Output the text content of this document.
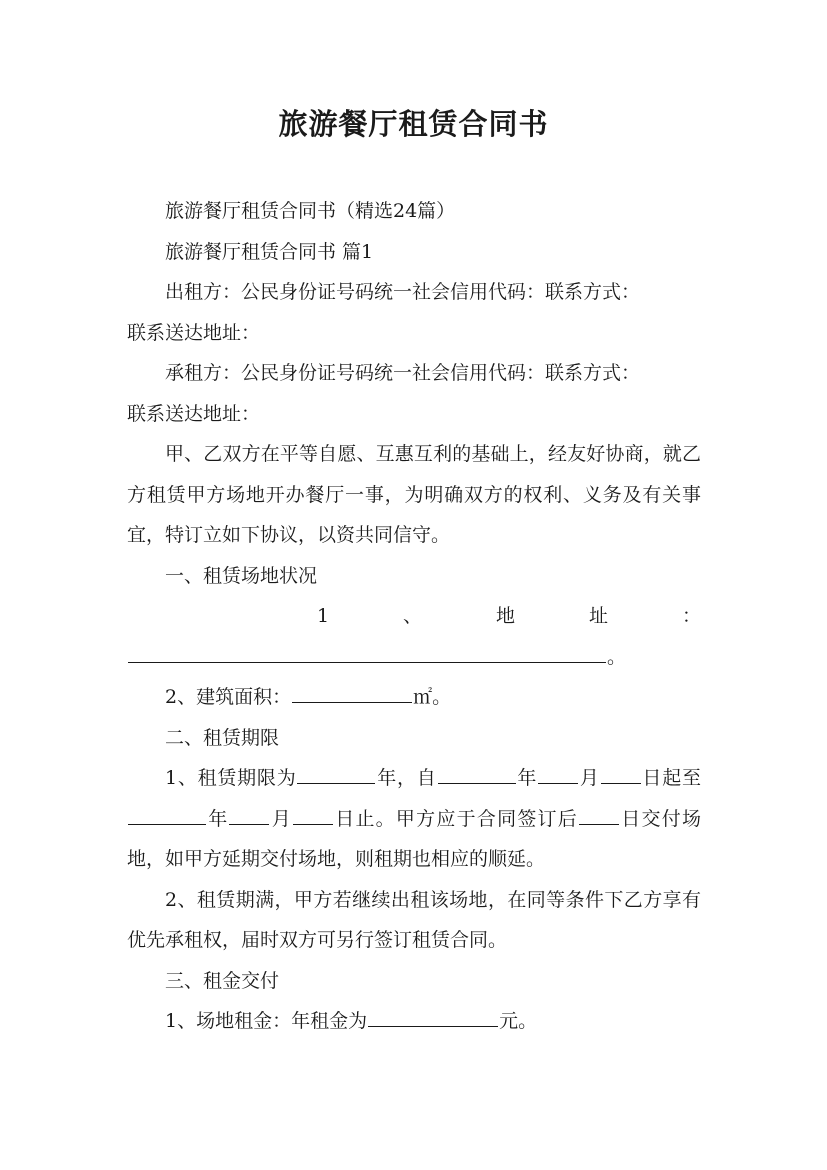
旅游餐厅租赁合同书

旅游餐厅租赁合同书（精选24篇）

旅游餐厅租赁合同书 篇1

出租方：公民身份证号码统一社会信用代码：联系方式：

联系送达地址：

承租方：公民身份证号码统一社会信用代码：联系方式：

联系送达地址：

甲、乙双方在平等自愿、互惠互利的基础上，经友好协商，就乙方租赁甲方场地开办餐厅一事，为明确双方的权利、义务及有关事宜，特订立如下协议，以资共同信守。

一、租赁场地状况

1	、	地	址	：

。

2、建筑面积：	㎡。

二、租赁期限

1、租赁期限为	年，自	年 月 日起至年 月 日止。甲方应于合同签订后 日交付场地，如甲方延期交付场地，则租期也相应的顺延。

2、租赁期满，甲方若继续出租该场地，在同等条件下乙方享有优先承租权，届时双方可另行签订租赁合同。

三、租金交付

1、场地租金：年租金为	元。
